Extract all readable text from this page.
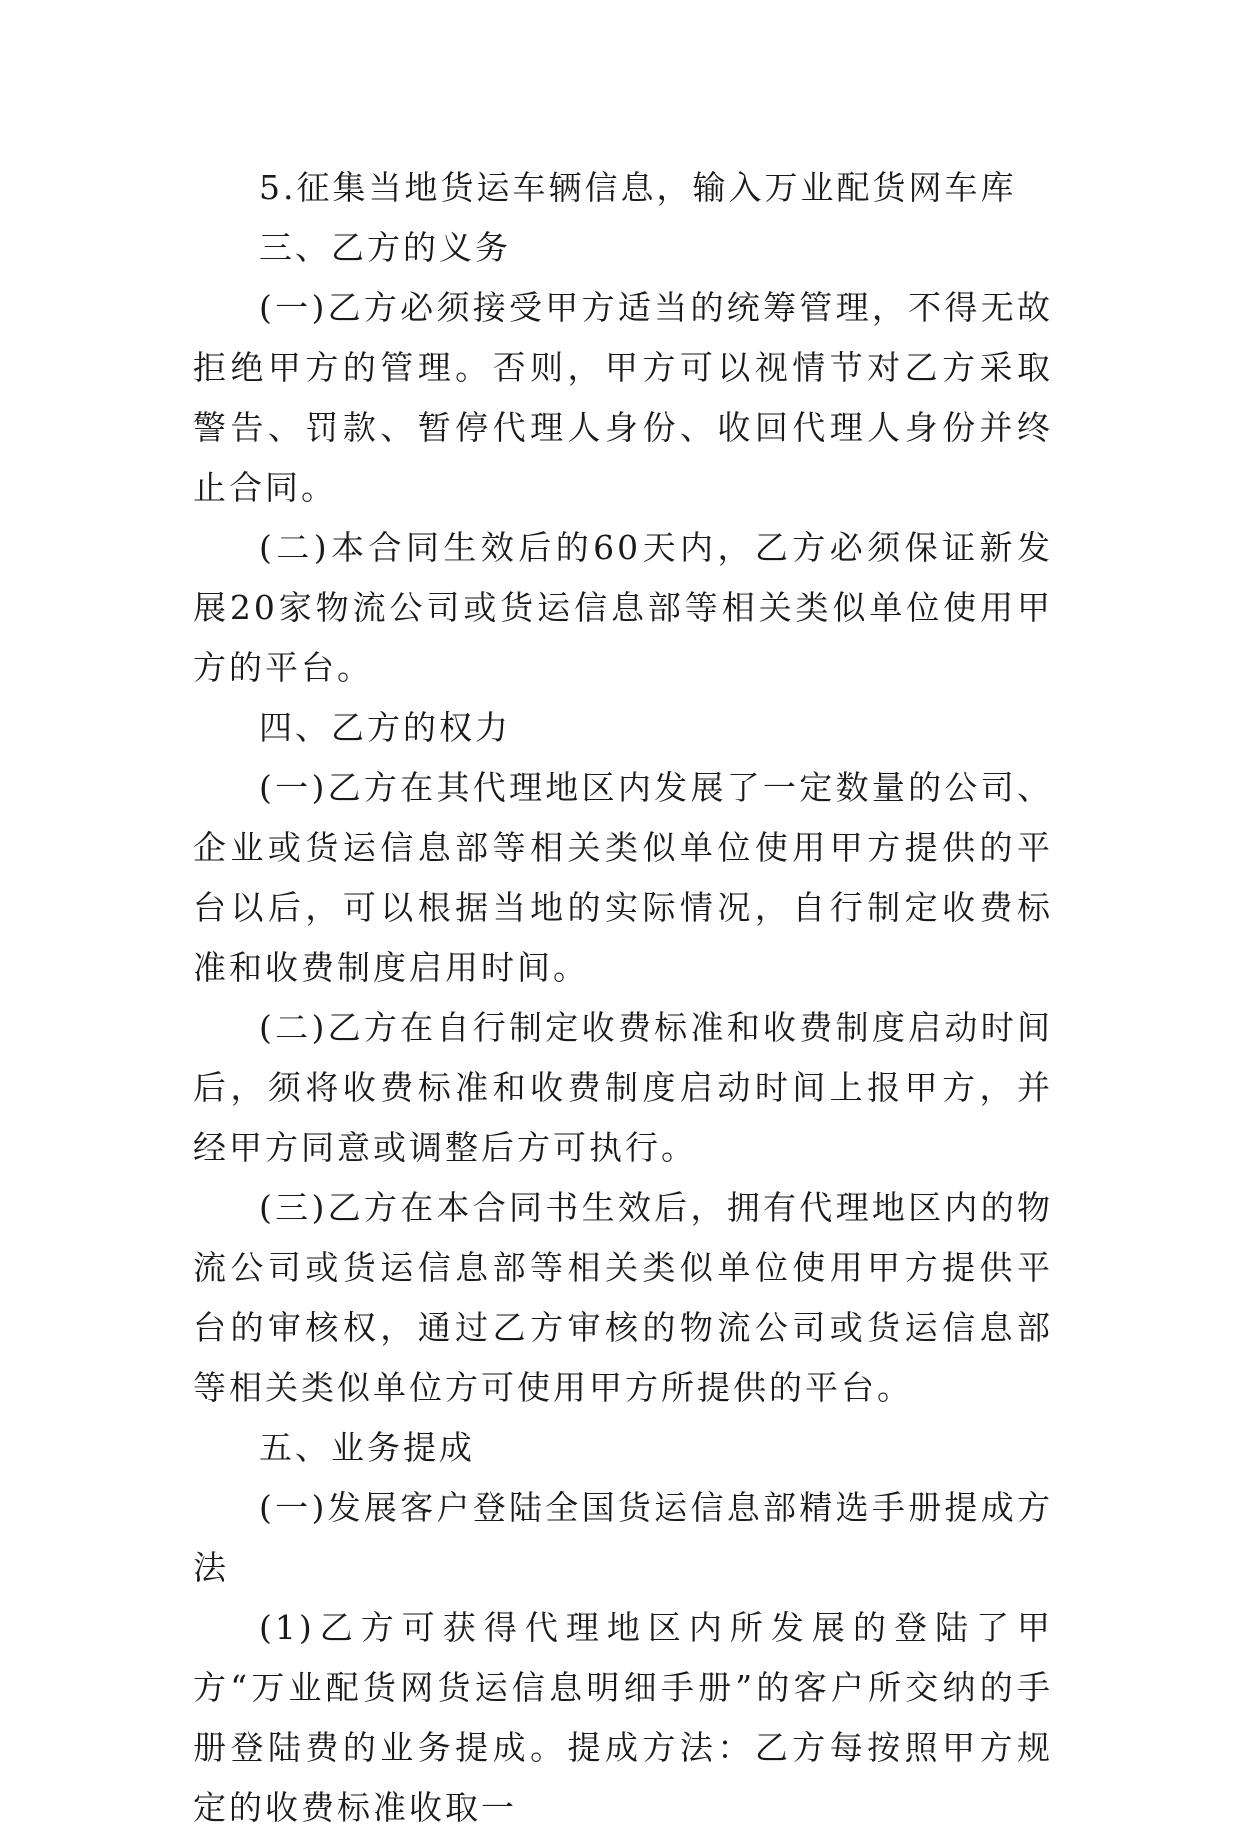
5.征集当地货运车辆信息，输入万业配货网车库

三、乙方的义务

(一)乙方必须接受甲方适当的统筹管理，不得无故拒绝甲方的管理。否则，甲方可以视情节对乙方采取警告、罚款、暂停代理人身份、收回代理人身份并终止合同。

(二)本合同生效后的60天内，乙方必须保证新发展20家物流公司或货运信息部等相关类似单位使用甲方的平台。

四、乙方的权力

(一)乙方在其代理地区内发展了一定数量的公司、企业或货运信息部等相关类似单位使用甲方提供的平台以后，可以根据当地的实际情况，自行制定收费标准和收费制度启用时间。

(二)乙方在自行制定收费标准和收费制度启动时间后，须将收费标准和收费制度启动时间上报甲方，并经甲方同意或调整后方可执行。

(三)乙方在本合同书生效后，拥有代理地区内的物流公司或货运信息部等相关类似单位使用甲方提供平台的审核权，通过乙方审核的物流公司或货运信息部等相关类似单位方可使用甲方所提供的平台。

五、业务提成

(一)发展客户登陆全国货运信息部精选手册提成方法

(1)乙方可获得代理地区内所发展的登陆了甲方“万业配货网货运信息明细手册”的客户所交纳的手册登陆费的业务提成。提成方法：乙方每按照甲方规定的收费标准收取一
